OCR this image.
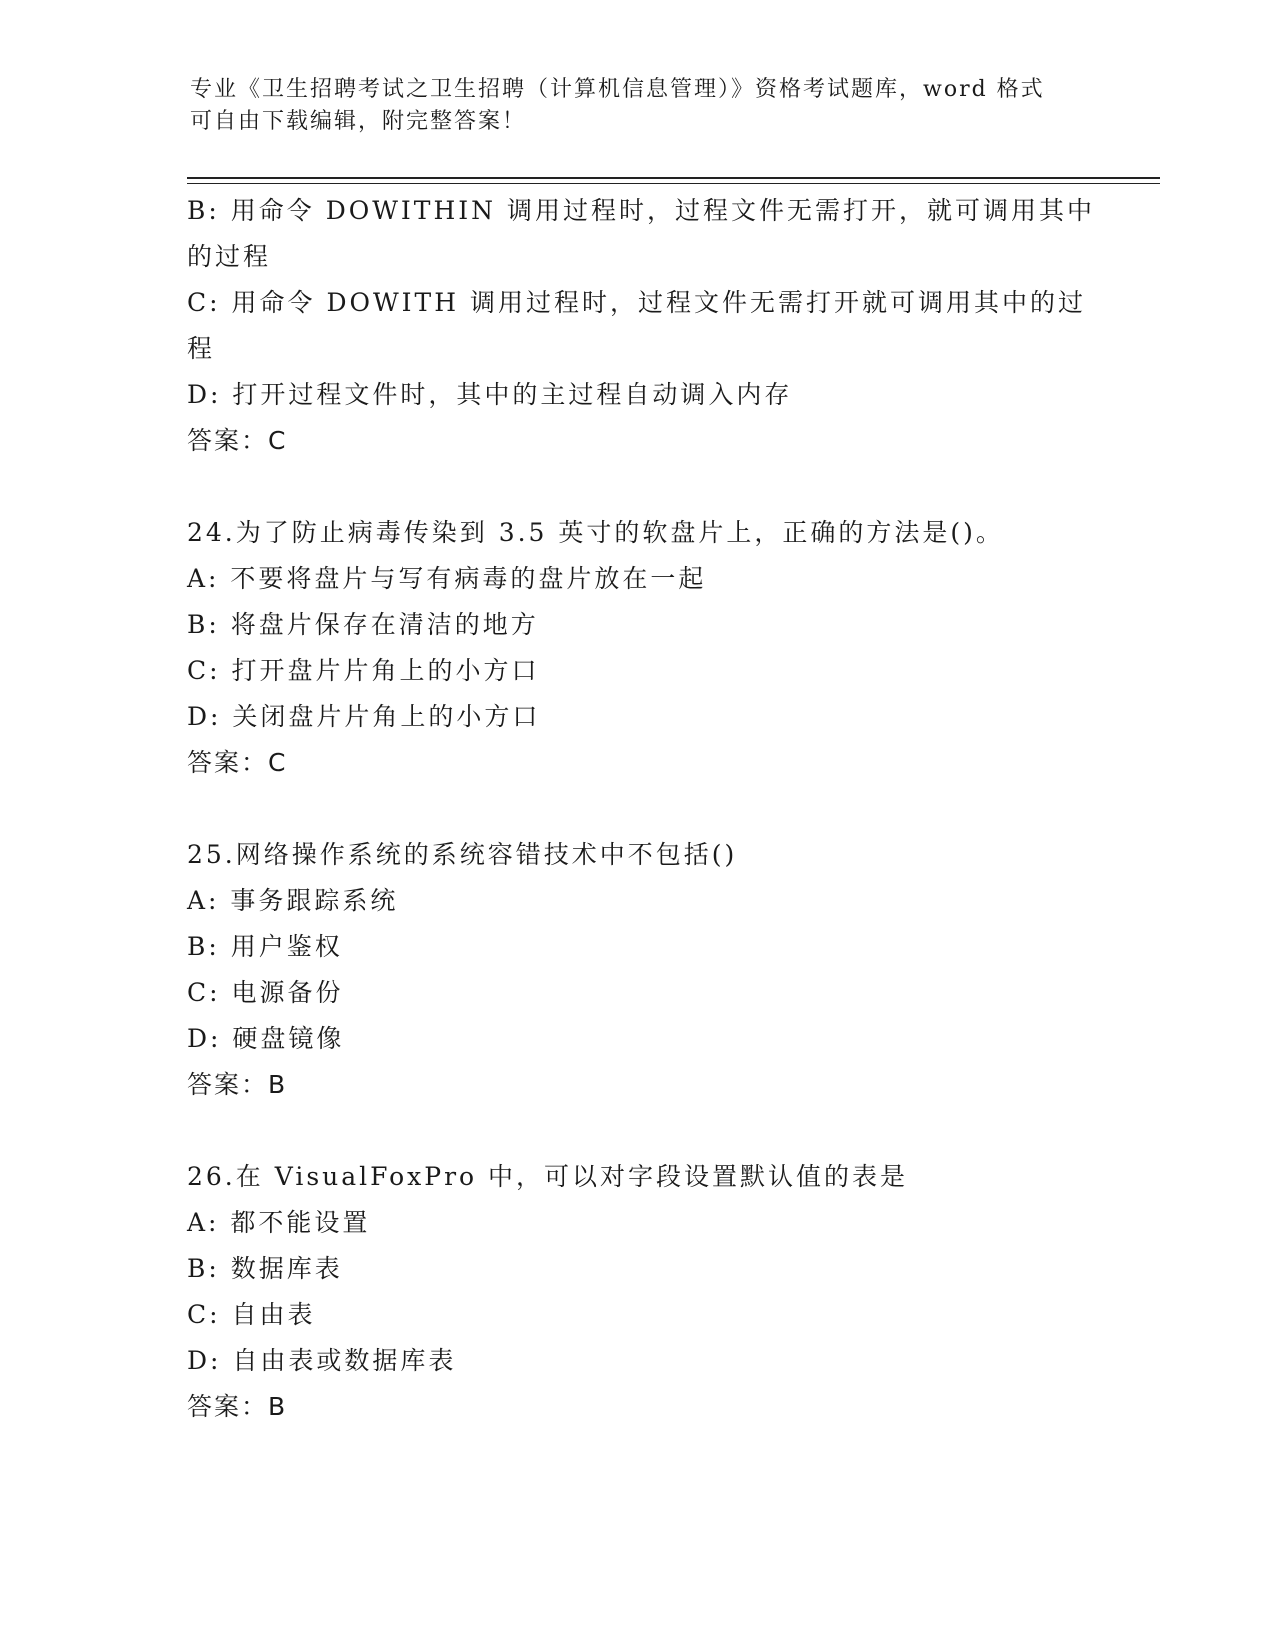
专业《卫生招聘考试之卫生招聘（计算机信息管理）》资格考试题库，word 格式
可自由下载编辑，附完整答案！
B: 用命令 DOWITHIN 调用过程时，过程文件无需打开，就可调用其中
的过程
C: 用命令 DOWITH 调用过程时，过程文件无需打开就可调用其中的过
程
D: 打开过程文件时，其中的主过程自动调入内存
答案：C
24.为了防止病毒传染到 3.5 英寸的软盘片上，正确的方法是()。
A: 不要将盘片与写有病毒的盘片放在一起
B: 将盘片保存在清洁的地方
C: 打开盘片片角上的小方口
D: 关闭盘片片角上的小方口
答案：C
25.网络操作系统的系统容错技术中不包括()
A: 事务跟踪系统
B: 用户鉴权
C: 电源备份
D: 硬盘镜像
答案：B
26.在 VisualFoxPro 中，可以对字段设置默认值的表是
A: 都不能设置
B: 数据库表
C: 自由表
D: 自由表或数据库表
答案：B
